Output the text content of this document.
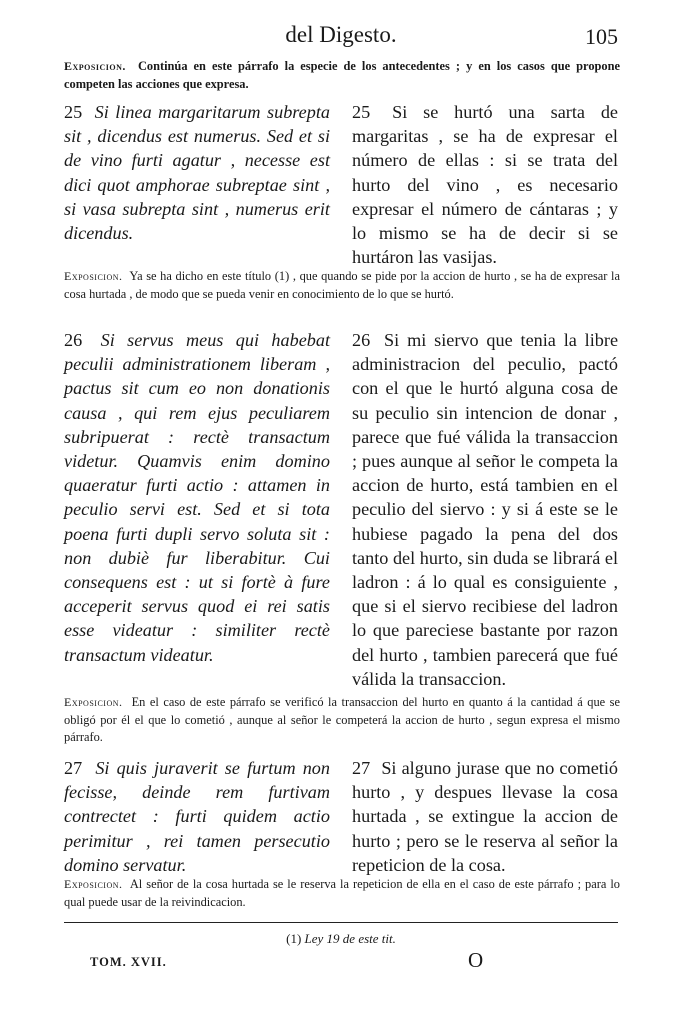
del Digesto.	105
Exposicion. Continúa en este párrafo la especie de los antecedentes ; y en los casos que propone competen las acciones que expresa.
25 Si linea margaritarum subrepta sit , dicendus est numerus. Sed et si de vino furti agatur , necesse est dici quot amphorae subreptae sint , si vasa subrepta sint , numerus erit dicendus.
25 Si se hurtó una sarta de margaritas , se ha de expresar el número de ellas : si se trata del hurto del vino , es necesario expresar el número de cántaras ; y lo mismo se ha de decir si se hurtáron las vasijas.
Exposicion. Ya se ha dicho en este título (1) , que quando se pide por la accion de hurto , se ha de expresar la cosa hurtada , de modo que se pueda venir en conocimiento de lo que se hurtó.
26 Si servus meus qui habebat peculii administrationem liberam , pactus sit cum eo non donationis causa , qui rem ejus peculiarem subripuerat : rectè transactum videtur. Quamvis enim domino quaeratur furti actio : attamen in peculio servi est. Sed et si tota poena furti dupli servo soluta sit : non dubiè fur liberabitur. Cui consequens est : ut si fortè à fure acceperit servus quod ei rei satis esse videatur : similiter rectè transactum videatur.
26 Si mi siervo que tenia la libre administracion del peculio, pactó con el que le hurtó alguna cosa de su peculio sin intencion de donar , parece que fué válida la transaccion ; pues aunque al señor le competa la accion de hurto, está tambien en el peculio del siervo : y si á este se le hubiese pagado la pena del dos tanto del hurto, sin duda se librará el ladron : á lo qual es consiguiente , que si el siervo recibiese del ladron lo que pareciese bastante por razon del hurto , tambien parecerá que fué válida la transaccion.
Exposicion. En el caso de este párrafo se verificó la transaccion del hurto en quanto á la cantidad á que se obligó por él el que lo cometió , aunque al señor le competerá la accion de hurto , segun expresa el mismo párrafo.
27 Si quis juraverit se furtum non fecisse, deinde rem furtivam contrectet : furti quidem actio perimitur , rei tamen persecutio domino servatur.
27 Si alguno jurase que no cometió hurto , y despues llevase la cosa hurtada , se extingue la accion de hurto ; pero se le reserva al señor la repeticion de la cosa.
Exposicion. Al señor de la cosa hurtada se le reserva la repeticion de ella en el caso de este párrafo ; para lo qual puede usar de la reivindicacion.
(1) Ley 19 de este tit.
TOM. XVII.	O
